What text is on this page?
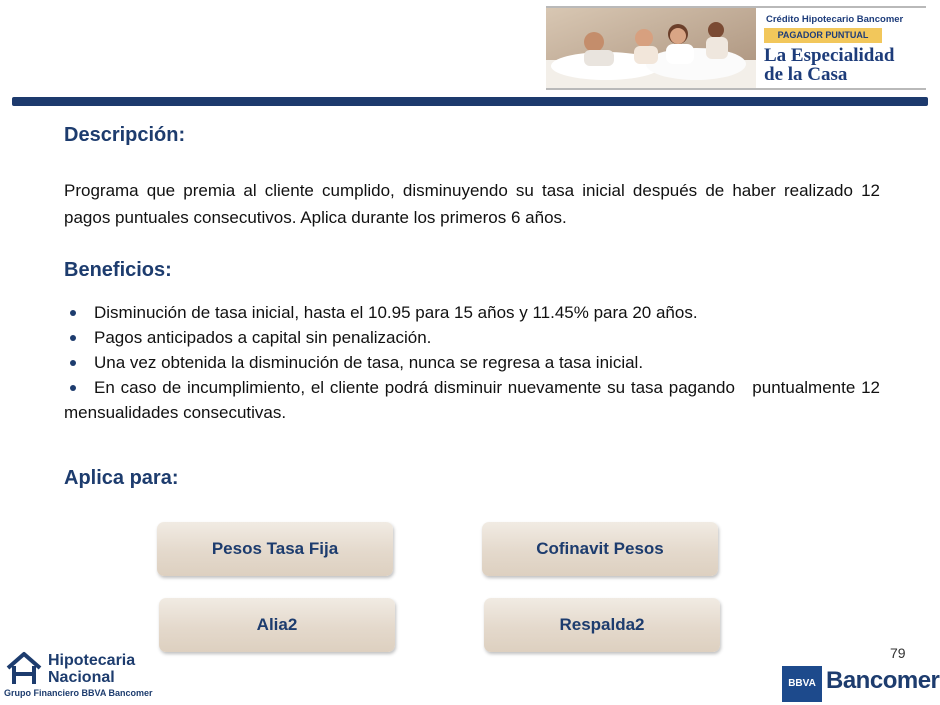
Crédito Hipotecario Bancomer
PAGADOR PUNTUAL
La Especialidad
de la Casa
Descripción:
Programa que premia al cliente cumplido, disminuyendo su tasa inicial después de haber realizado 12 pagos puntuales consecutivos. Aplica durante los primeros 6 años.
Beneficios:
Disminución de tasa inicial, hasta el 10.95 para 15 años y 11.45% para 20 años.
Pagos anticipados a capital sin penalización.
Una vez obtenida la disminución de tasa, nunca se regresa a tasa inicial.
En caso de incumplimiento, el cliente podrá disminuir nuevamente su tasa pagando   puntualmente 12 mensualidades consecutivas.
Aplica para:
Pesos Tasa Fija	Cofinavit Pesos
Alia2	Respalda2
79
Hipotecaria
Nacional
Grupo Financiero BBVA Bancomer
BBVA Bancomer
